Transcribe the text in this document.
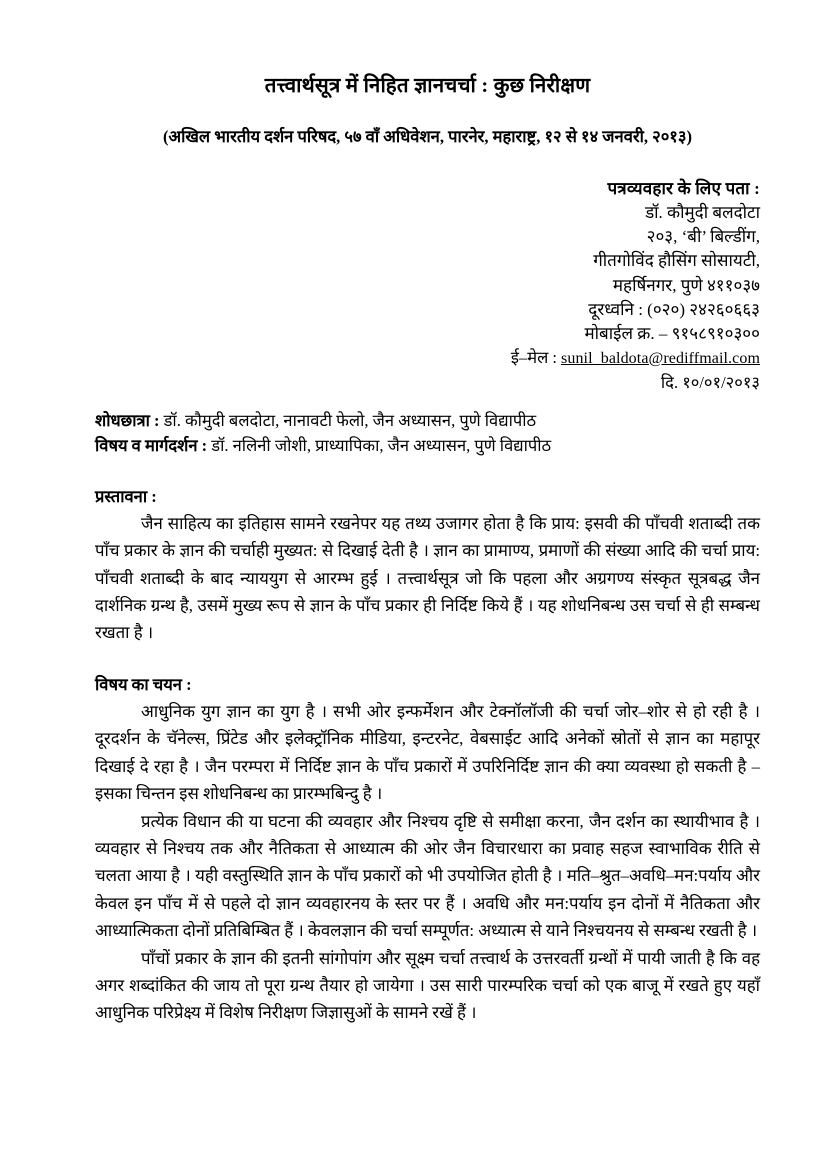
तत्त्वार्थसूत्र में निहित ज्ञानचर्चा : कुछ निरीक्षण
(अखिल भारतीय दर्शन परिषद, ५७ वाँ अधिवेशन, पारनेर, महाराष्ट्र, १२ से १४ जनवरी, २०१३)
पत्रव्यवहार के लिए पता :
डॉ. कौमुदी बलदोटा
२०३, ‘बी’ बिल्डींग,
गीतगोविंद हौसिंग सोसायटी,
महर्षिनगर, पुणे ४११०३७
दूरध्वनि : (०२०) २४२६०६६३
मोबाईल क्र. – ९१५८९१०३००
ई–मेल : sunil_baldota@rediffmail.com
दि. १०/०१/२०१३
शोधछात्रा : डॉ. कौमुदी बलदोटा, नानावटी फेलो, जैन अध्यासन, पुणे विद्यापीठ
विषय व मार्गदर्शन : डॉ. नलिनी जोशी, प्राध्यापिका, जैन अध्यासन, पुणे विद्यापीठ
प्रस्तावना :

जैन साहित्य का इतिहास सामने रखनेपर यह तथ्य उजागर होता है कि प्राय: इसवी की पाँचवी शताब्दी तक पाँच प्रकार के ज्ञान की चर्चाही मुख्यत: से दिखाई देती है । ज्ञान का प्रामाण्य, प्रमाणों की संख्या आदि की चर्चा प्राय: पाँचवी शताब्दी के बाद न्याययुग से आरम्भ हुई । तत्त्वार्थसूत्र जो कि पहला और अग्रगण्य संस्कृत सूत्रबद्ध जैन दार्शनिक ग्रन्थ है, उसमें मुख्य रूप से ज्ञान के पाँच प्रकार ही निर्दिष्ट किये हैं । यह शोधनिबन्ध उस चर्चा से ही सम्बन्ध रखता है ।

विषय का चयन :

आधुनिक युग ज्ञान का युग है । सभी ओर इन्फर्मेशन और टेक्नॉलॉजी की चर्चा जोर–शोर से हो रही है । दूरदर्शन के चॅनेल्स, प्रिंटेड और इलेक्ट्रॉनिक मीडिया, इन्टरनेट, वेबसाईट आदि अनेकों स्रोतों से ज्ञान का महापूर दिखाई दे रहा है । जैन परम्परा में निर्दिष्ट ज्ञान के पाँच प्रकारों में उपरिनिर्दिष्ट ज्ञान की क्या व्यवस्था हो सकती है – इसका चिन्तन इस शोधनिबन्ध का प्रारम्भबिन्दु है ।

प्रत्येक विधान की या घटना की व्यवहार और निश्चय दृष्टि से समीक्षा करना, जैन दर्शन का स्थायीभाव है । व्यवहार से निश्चय तक और नैतिकता से आध्यात्म की ओर जैन विचारधारा का प्रवाह सहज स्वाभाविक रीति से चलता आया है । यही वस्तुस्थिति ज्ञान के पाँच प्रकारों को भी उपयोजित होती है । मति–श्रुत–अवधि–मन:पर्याय और केवल इन पाँच में से पहले दो ज्ञान व्यवहारनय के स्तर पर हैं । अवधि और मन:पर्याय इन दोनों में नैतिकता और आध्यात्मिकता दोनों प्रतिबिम्बित हैं । केवलज्ञान की चर्चा सम्पूर्णत: अध्यात्म से याने निश्चयनय से सम्बन्ध रखती है ।

पाँचों प्रकार के ज्ञान की इतनी सांगोपांग और सूक्ष्म चर्चा तत्त्वार्थ के उत्तरवर्ती ग्रन्थों में पायी जाती है कि वह अगर शब्दांकित की जाय तो पूरा ग्रन्थ तैयार हो जायेगा । उस सारी पारम्परिक चर्चा को एक बाजू में रखते हुए यहाँ आधुनिक परिप्रेक्ष्य में विशेष निरीक्षण जिज्ञासुओं के सामने रखें हैं ।
